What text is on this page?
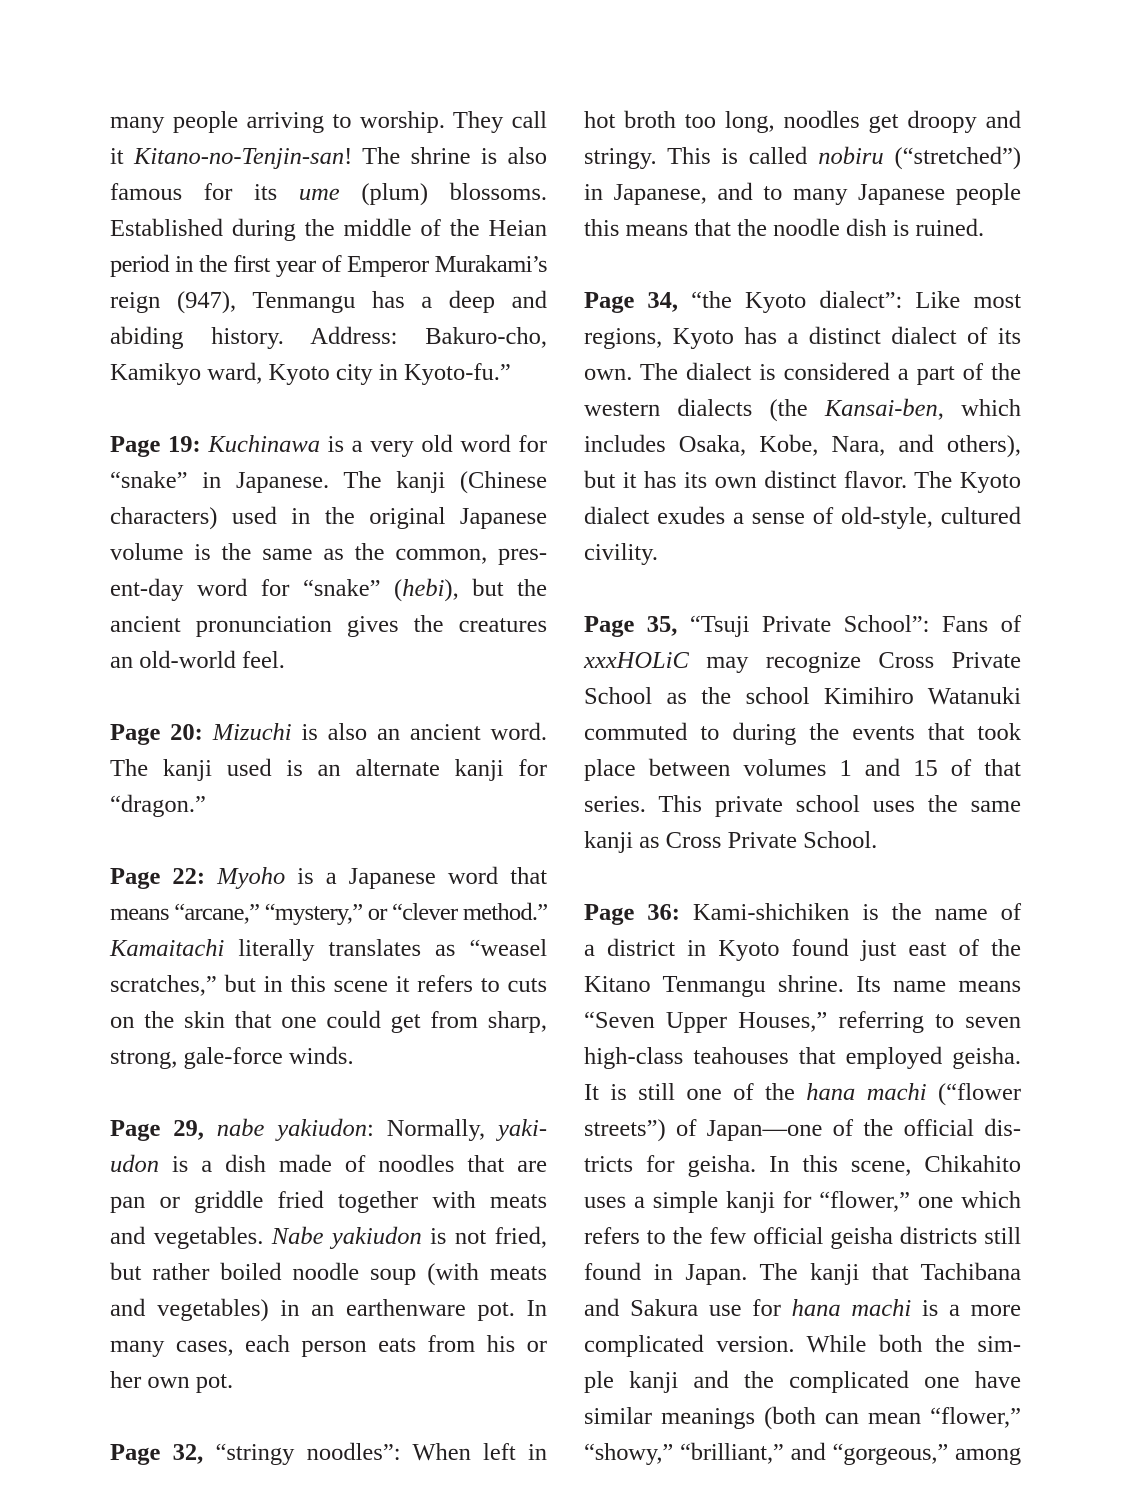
many people arriving to worship. They call
it Kitano-no-Tenjin-san! The shrine is also
famous for its ume (plum) blossoms.
Established during the middle of the Heian
period in the first year of Emperor Murakami’s
reign (947), Tenmangu has a deep and
abiding history. Address: Bakuro-cho,
Kamikyo ward, Kyoto city in Kyoto-fu.”
Page 19: Kuchinawa is a very old word for
“snake” in Japanese. The kanji (Chinese
characters) used in the original Japanese
volume is the same as the common, pres-
ent-day word for “snake” (hebi), but the
ancient pronunciation gives the creatures
an old-world feel.
Page 20: Mizuchi is also an ancient word.
The kanji used is an alternate kanji for
“dragon.”
Page 22: Myoho is a Japanese word that
means “arcane,” “mystery,” or “clever method.”
Kamaitachi literally translates as “weasel
scratches,” but in this scene it refers to cuts
on the skin that one could get from sharp,
strong, gale-force winds.
Page 29, nabe yakiudon: Normally, yaki-
udon is a dish made of noodles that are
pan or griddle fried together with meats
and vegetables. Nabe yakiudon is not fried,
but rather boiled noodle soup (with meats
and vegetables) in an earthenware pot. In
many cases, each person eats from his or
her own pot.
Page 32, “stringy noodles”: When left in
hot broth too long, noodles get droopy and
stringy. This is called nobiru (“stretched”)
in Japanese, and to many Japanese people
this means that the noodle dish is ruined.
Page 34, “the Kyoto dialect”: Like most
regions, Kyoto has a distinct dialect of its
own. The dialect is considered a part of the
western dialects (the Kansai-ben, which
includes Osaka, Kobe, Nara, and others),
but it has its own distinct flavor. The Kyoto
dialect exudes a sense of old-style, cultured
civility.
Page 35, “Tsuji Private School”: Fans of
xxxHOLiC may recognize Cross Private
School as the school Kimihiro Watanuki
commuted to during the events that took
place between volumes 1 and 15 of that
series. This private school uses the same
kanji as Cross Private School.
Page 36: Kami-shichiken is the name of
a district in Kyoto found just east of the
Kitano Tenmangu shrine. Its name means
“Seven Upper Houses,” referring to seven
high-class teahouses that employed geisha.
It is still one of the hana machi (“flower
streets”) of Japan—one of the official dis-
tricts for geisha. In this scene, Chikahito
uses a simple kanji for “flower,” one which
refers to the few official geisha districts still
found in Japan. The kanji that Tachibana
and Sakura use for hana machi is a more
complicated version. While both the sim-
ple kanji and the complicated one have
similar meanings (both can mean “flower,”
“showy,” “brilliant,” and “gorgeous,” among
